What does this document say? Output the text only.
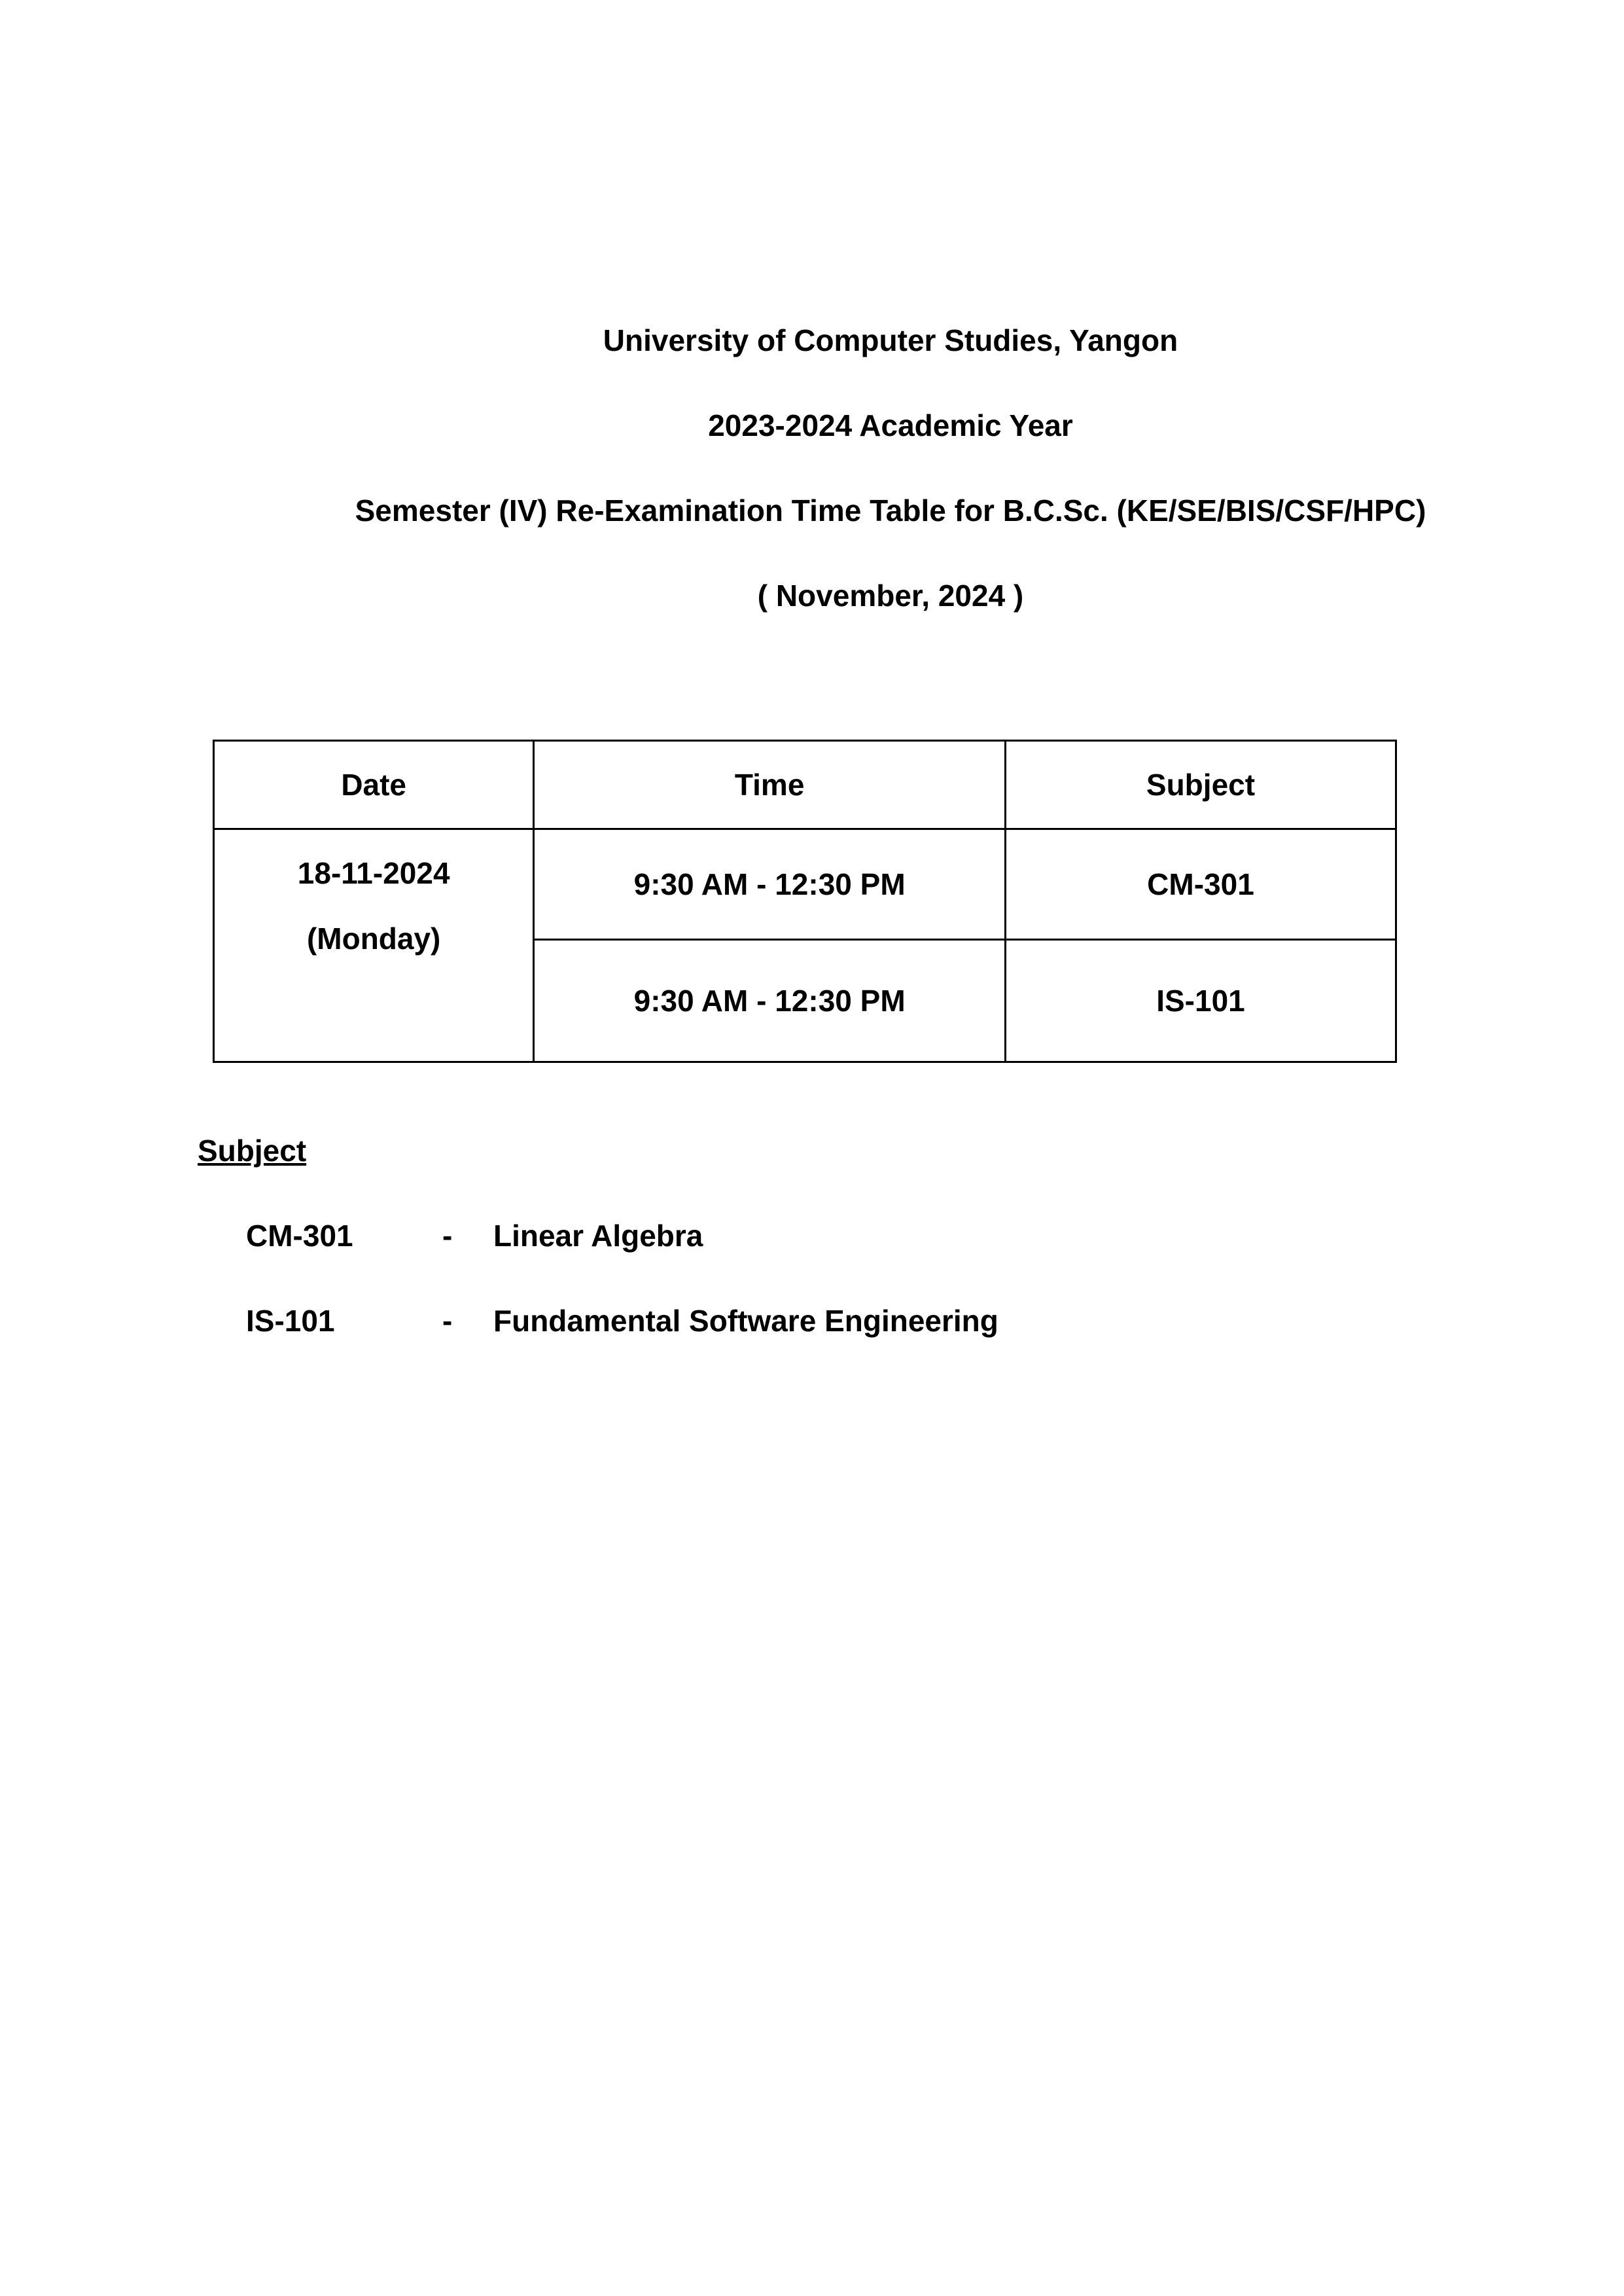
University of Computer Studies, Yangon
2023-2024 Academic Year
Semester (IV) Re-Examination Time Table for B.C.Sc. (KE/SE/BIS/CSF/HPC)
( November, 2024 )
Date	Time	Subject

18-11-2024
(Monday)	9:30 AM - 12:30 PM	CM-301
	9:30 AM - 12:30 PM	IS-101
Subject
CM-301	- Linear Algebra
IS-101	- Fundamental Software Engineering
